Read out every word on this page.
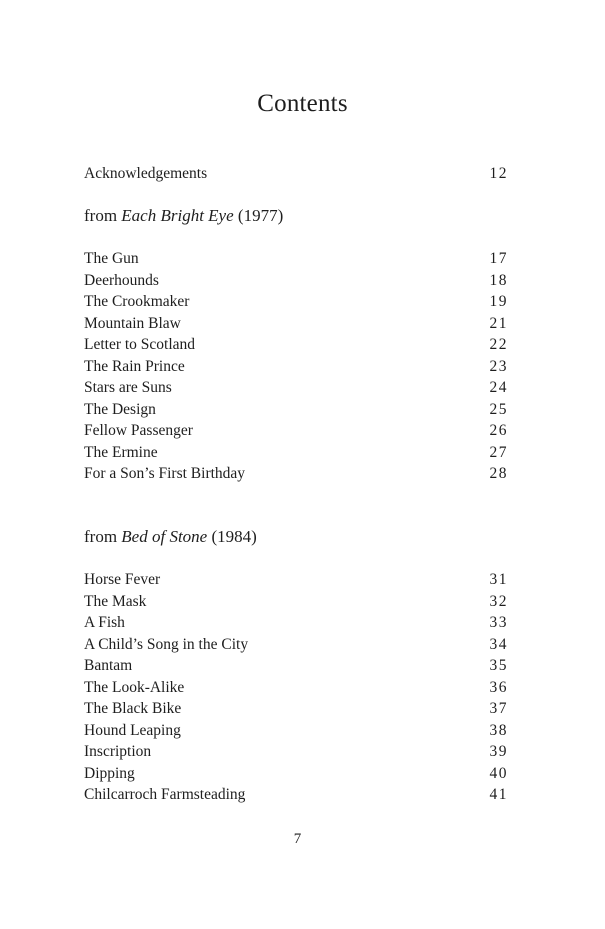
Contents
Acknowledgements	12
from Each Bright Eye (1977)
The Gun	17
Deerhounds	18
The Crookmaker	19
Mountain Blaw	21
Letter to Scotland	22
The Rain Prince	23
Stars are Suns	24
The Design	25
Fellow Passenger	26
The Ermine	27
For a Son’s First Birthday	28
from Bed of Stone (1984)
Horse Fever	31
The Mask	32
A Fish	33
A Child’s Song in the City	34
Bantam	35
The Look-Alike	36
The Black Bike	37
Hound Leaping	38
Inscription	39
Dipping	40
Chilcarroch Farmsteading	41
7
